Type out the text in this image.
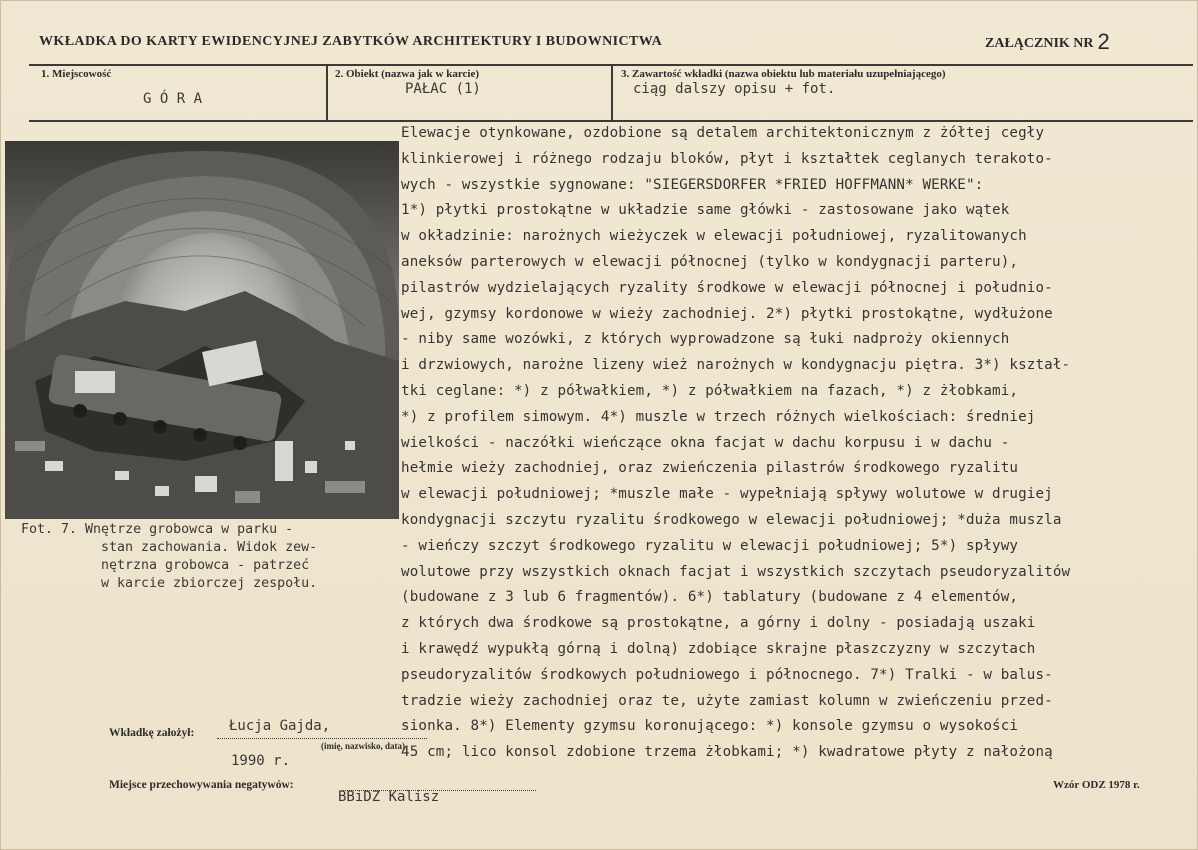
WKŁADKA DO KARTY EWIDENCYJNEJ ZABYTKÓW ARCHITEKTURY I BUDOWNICTWA	ZAŁĄCZNIK NR 2
1. Miejscowość
G Ó R A
2. Obiekt (nazwa jak w karcie)
PAŁAC (1)
3. Zawartość wkładki (nazwa obiektu lub materiału uzupełniającego)
ciąg dalszy opisu + fot.
Fot. 7. Wnętrze grobowca w parku -
stan zachowania. Widok zew-
nętrzna grobowca - patrzeć
w karcie zbiorczej zespołu.
Elewacje otynkowane, ozdobione są detalem architektonicznym z żółtej cegły
klinkierowej i różnego rodzaju bloków, płyt i kształtek ceglanych terakoto-
wych - wszystkie sygnowane: "SIEGERSDORFER *FRIED HOFFMANN* WERKE":
1*) płytki prostokątne w układzie same główki - zastosowane jako wątek
w okładzinie: narożnych wieżyczek w elewacji południowej, ryzalitowanych
aneksów parterowych w elewacji północnej (tylko w kondygnacji parteru),
pilastrów wydzielających ryzality środkowe w elewacji północnej i południo-
wej, gzymsy kordonowe w wieży zachodniej. 2*) płytki prostokątne, wydłużone
- niby same wozówki, z których wyprowadzone są łuki nadproży okiennych
i drzwiowych, narożne lizeny wież narożnych w kondygnacju piętra. 3*) kształ-
tki ceglane: *) z półwałkiem, *) z półwałkiem na fazach, *) z żłobkami,
*) z profilem simowym. 4*) muszle w trzech różnych wielkościach: średniej
wielkości - naczółki wieńczące okna facjat w dachu korpusu i w dachu -
hełmie wieży zachodniej, oraz zwieńczenia pilastrów środkowego ryzalitu
w elewacji południowej; *muszle małe - wypełniają spływy wolutowe w drugiej
kondygnacji szczytu ryzalitu środkowego w elewacji południowej; *duża muszla
- wieńczy szczyt środkowego ryzalitu w elewacji południowej; 5*) spływy
wolutowe przy wszystkich oknach facjat i wszystkich szczytach pseudoryzalitów
(budowane z 3 lub 6 fragmentów). 6*) tablatury (budowane z 4 elementów,
z których dwa środkowe są prostokątne, a górny i dolny - posiadają uszaki
i krawędź wypukłą górną i dolną) zdobiące skrajne płaszczyzny w szczytach
pseudoryzalitów środkowych południowego i północnego. 7*) Tralki - w balus-
tradzie wieży zachodniej oraz te, użyte zamiast kolumn w zwieńczeniu przed-
sionka. 8*) Elementy gzymsu koronującego: *) konsole gzymsu o wysokości
45 cm; lico konsol zdobione trzema żłobkami; *) kwadratowe płyty z nałożoną
Wkładkę założył: Łucja Gajda,
(imię, nazwisko, data)
1990 r.
Miejsce przechowywania negatywów:
BBiDZ Kalisz
Wzór ODZ 1978 r.
